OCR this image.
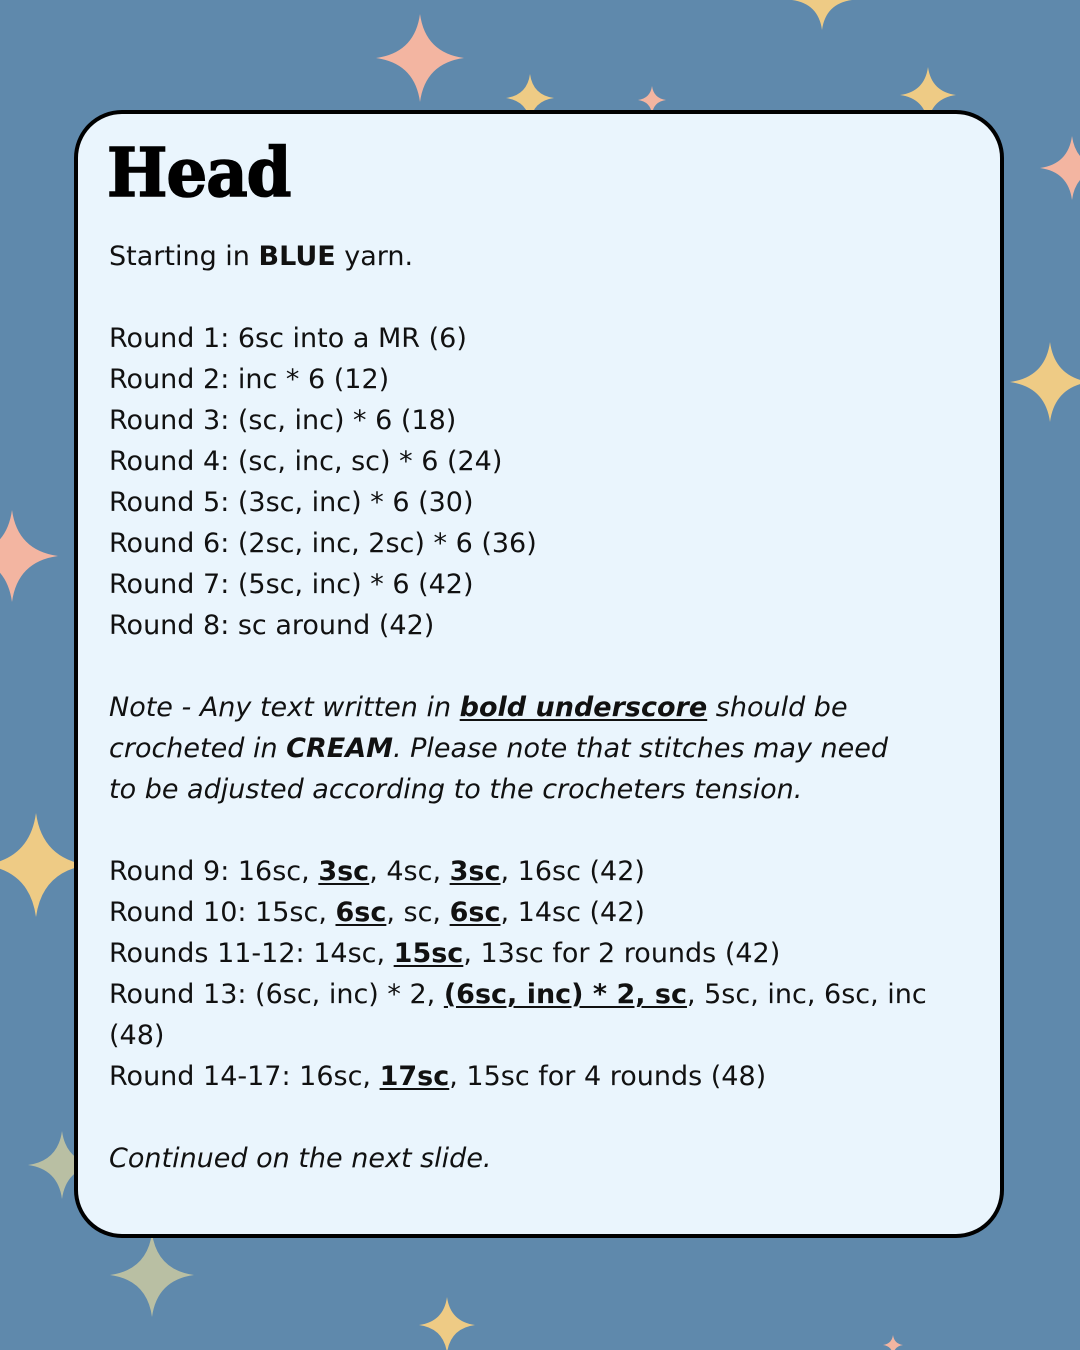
Head
Starting in BLUE yarn.
Round 1: 6sc into a MR (6)
Round 2: inc * 6 (12)
Round 3: (sc, inc) * 6 (18)
Round 4: (sc, inc, sc) * 6 (24)
Round 5: (3sc, inc) * 6 (30)
Round 6: (2sc, inc, 2sc) * 6 (36)
Round 7: (5sc, inc) * 6 (42)
Round 8: sc around (42)
Note - Any text written in bold underscore should be
crocheted in CREAM. Please note that stitches may need
to be adjusted according to the crocheters tension.
Round 9: 16sc, 3sc, 4sc, 3sc, 16sc (42)
Round 10: 15sc, 6sc, sc, 6sc, 14sc (42)
Rounds 11-12: 14sc, 15sc, 13sc for 2 rounds (42)
Round 13: (6sc, inc) * 2, (6sc, inc) * 2, sc, 5sc, inc, 6sc, inc
(48)
Round 14-17: 16sc, 17sc, 15sc for 4 rounds (48)
Continued on the next slide.
